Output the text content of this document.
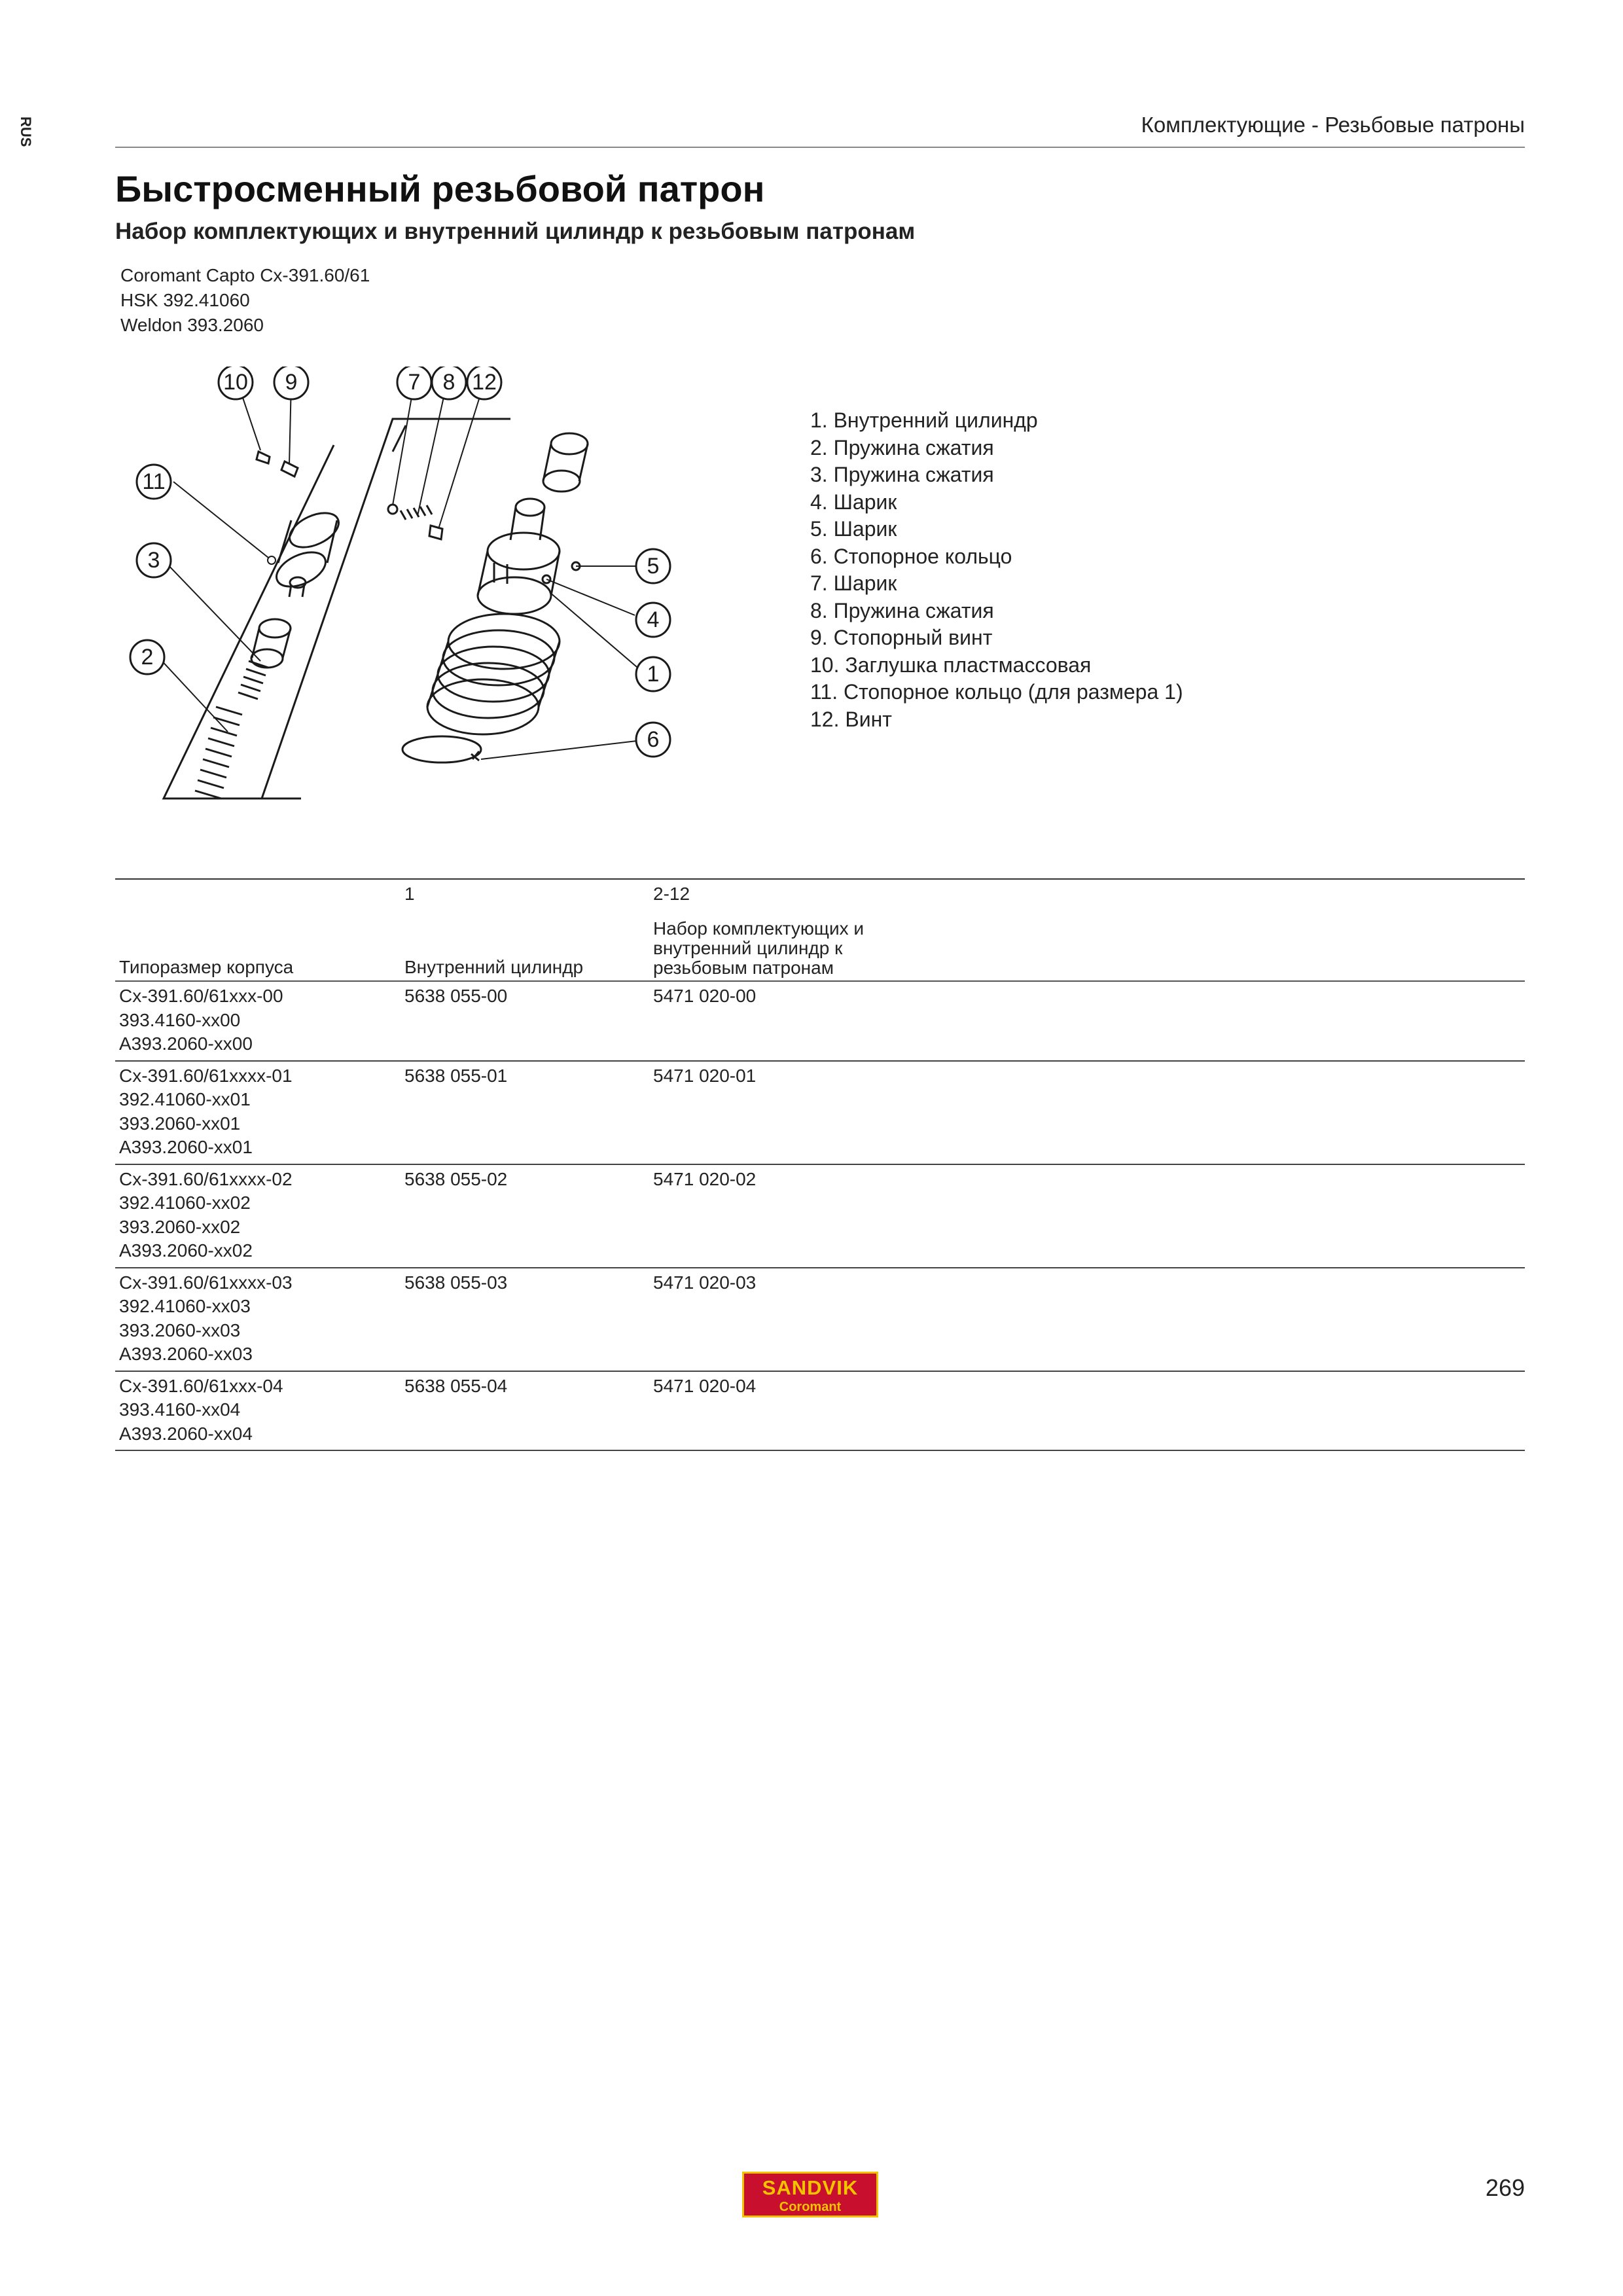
RUS	Комплектующие - Резьбовые патроны
Быстросменный резьбовой патрон
Набор комплектующих и внутренний цилиндр к резьбовым патронам
Coromant Capto Cx-391.60/61
HSK 392.41060
Weldon 393.2060
10 9	7 8 12
11
3
2
5
4
1
6
1. Внутренний цилиндр
2. Пружина сжатия
3. Пружина сжатия
4. Шарик
5. Шарик
6. Стопорное кольцо
7. Шарик
8. Пружина сжатия
9. Стопорный винт
10. Заглушка пластмассовая
11. Стопорное кольцо (для размера 1)
12. Винт
1	2-12
Типоразмер корпуса	Внутренний цилиндр
Набор комплектующих и внутренний цилиндр к резьбовым патронам
Cx-391.60/61xxx-00
393.4160-xx00
A393.2060-xx00
5638 055-00	5471 020-00
Cx-391.60/61xxxx-01
392.41060-xx01
393.2060-xx01
A393.2060-xx01
5638 055-01	5471 020-01
Cx-391.60/61xxxx-02
392.41060-xx02
393.2060-xx02
A393.2060-xx02
5638 055-02	5471 020-02
Cx-391.60/61xxxx-03
392.41060-xx03
393.2060-xx03
A393.2060-xx03
5638 055-03	5471 020-03
Cx-391.60/61xxx-04
393.4160-xx04
A393.2060-xx04
5638 055-04	5471 020-04
SANDVIK
Coromant
269
